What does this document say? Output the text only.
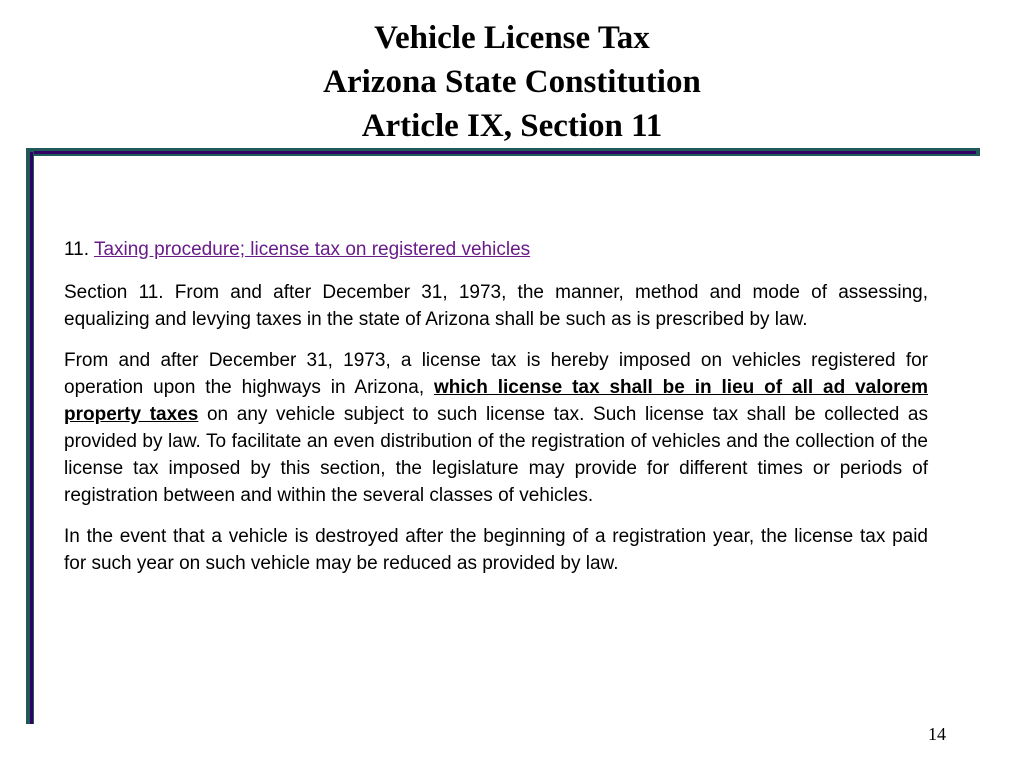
Vehicle License Tax
Arizona State Constitution
Article IX, Section 11

11. Taxing procedure; license tax on registered vehicles

Section 11. From and after December 31, 1973, the manner, method and mode of assessing, equalizing and levying taxes in the state of Arizona shall be such as is prescribed by law.

From and after December 31, 1973, a license tax is hereby imposed on vehicles registered for operation upon the highways in Arizona, which license tax shall be in lieu of all ad valorem property taxes on any vehicle subject to such license tax. Such license tax shall be collected as provided by law. To facilitate an even distribution of the registration of vehicles and the collection of the license tax imposed by this section, the legislature may provide for different times or periods of registration between and within the several classes of vehicles.

In the event that a vehicle is destroyed after the beginning of a registration year, the license tax paid for such year on such vehicle may be reduced as provided by law.

14
